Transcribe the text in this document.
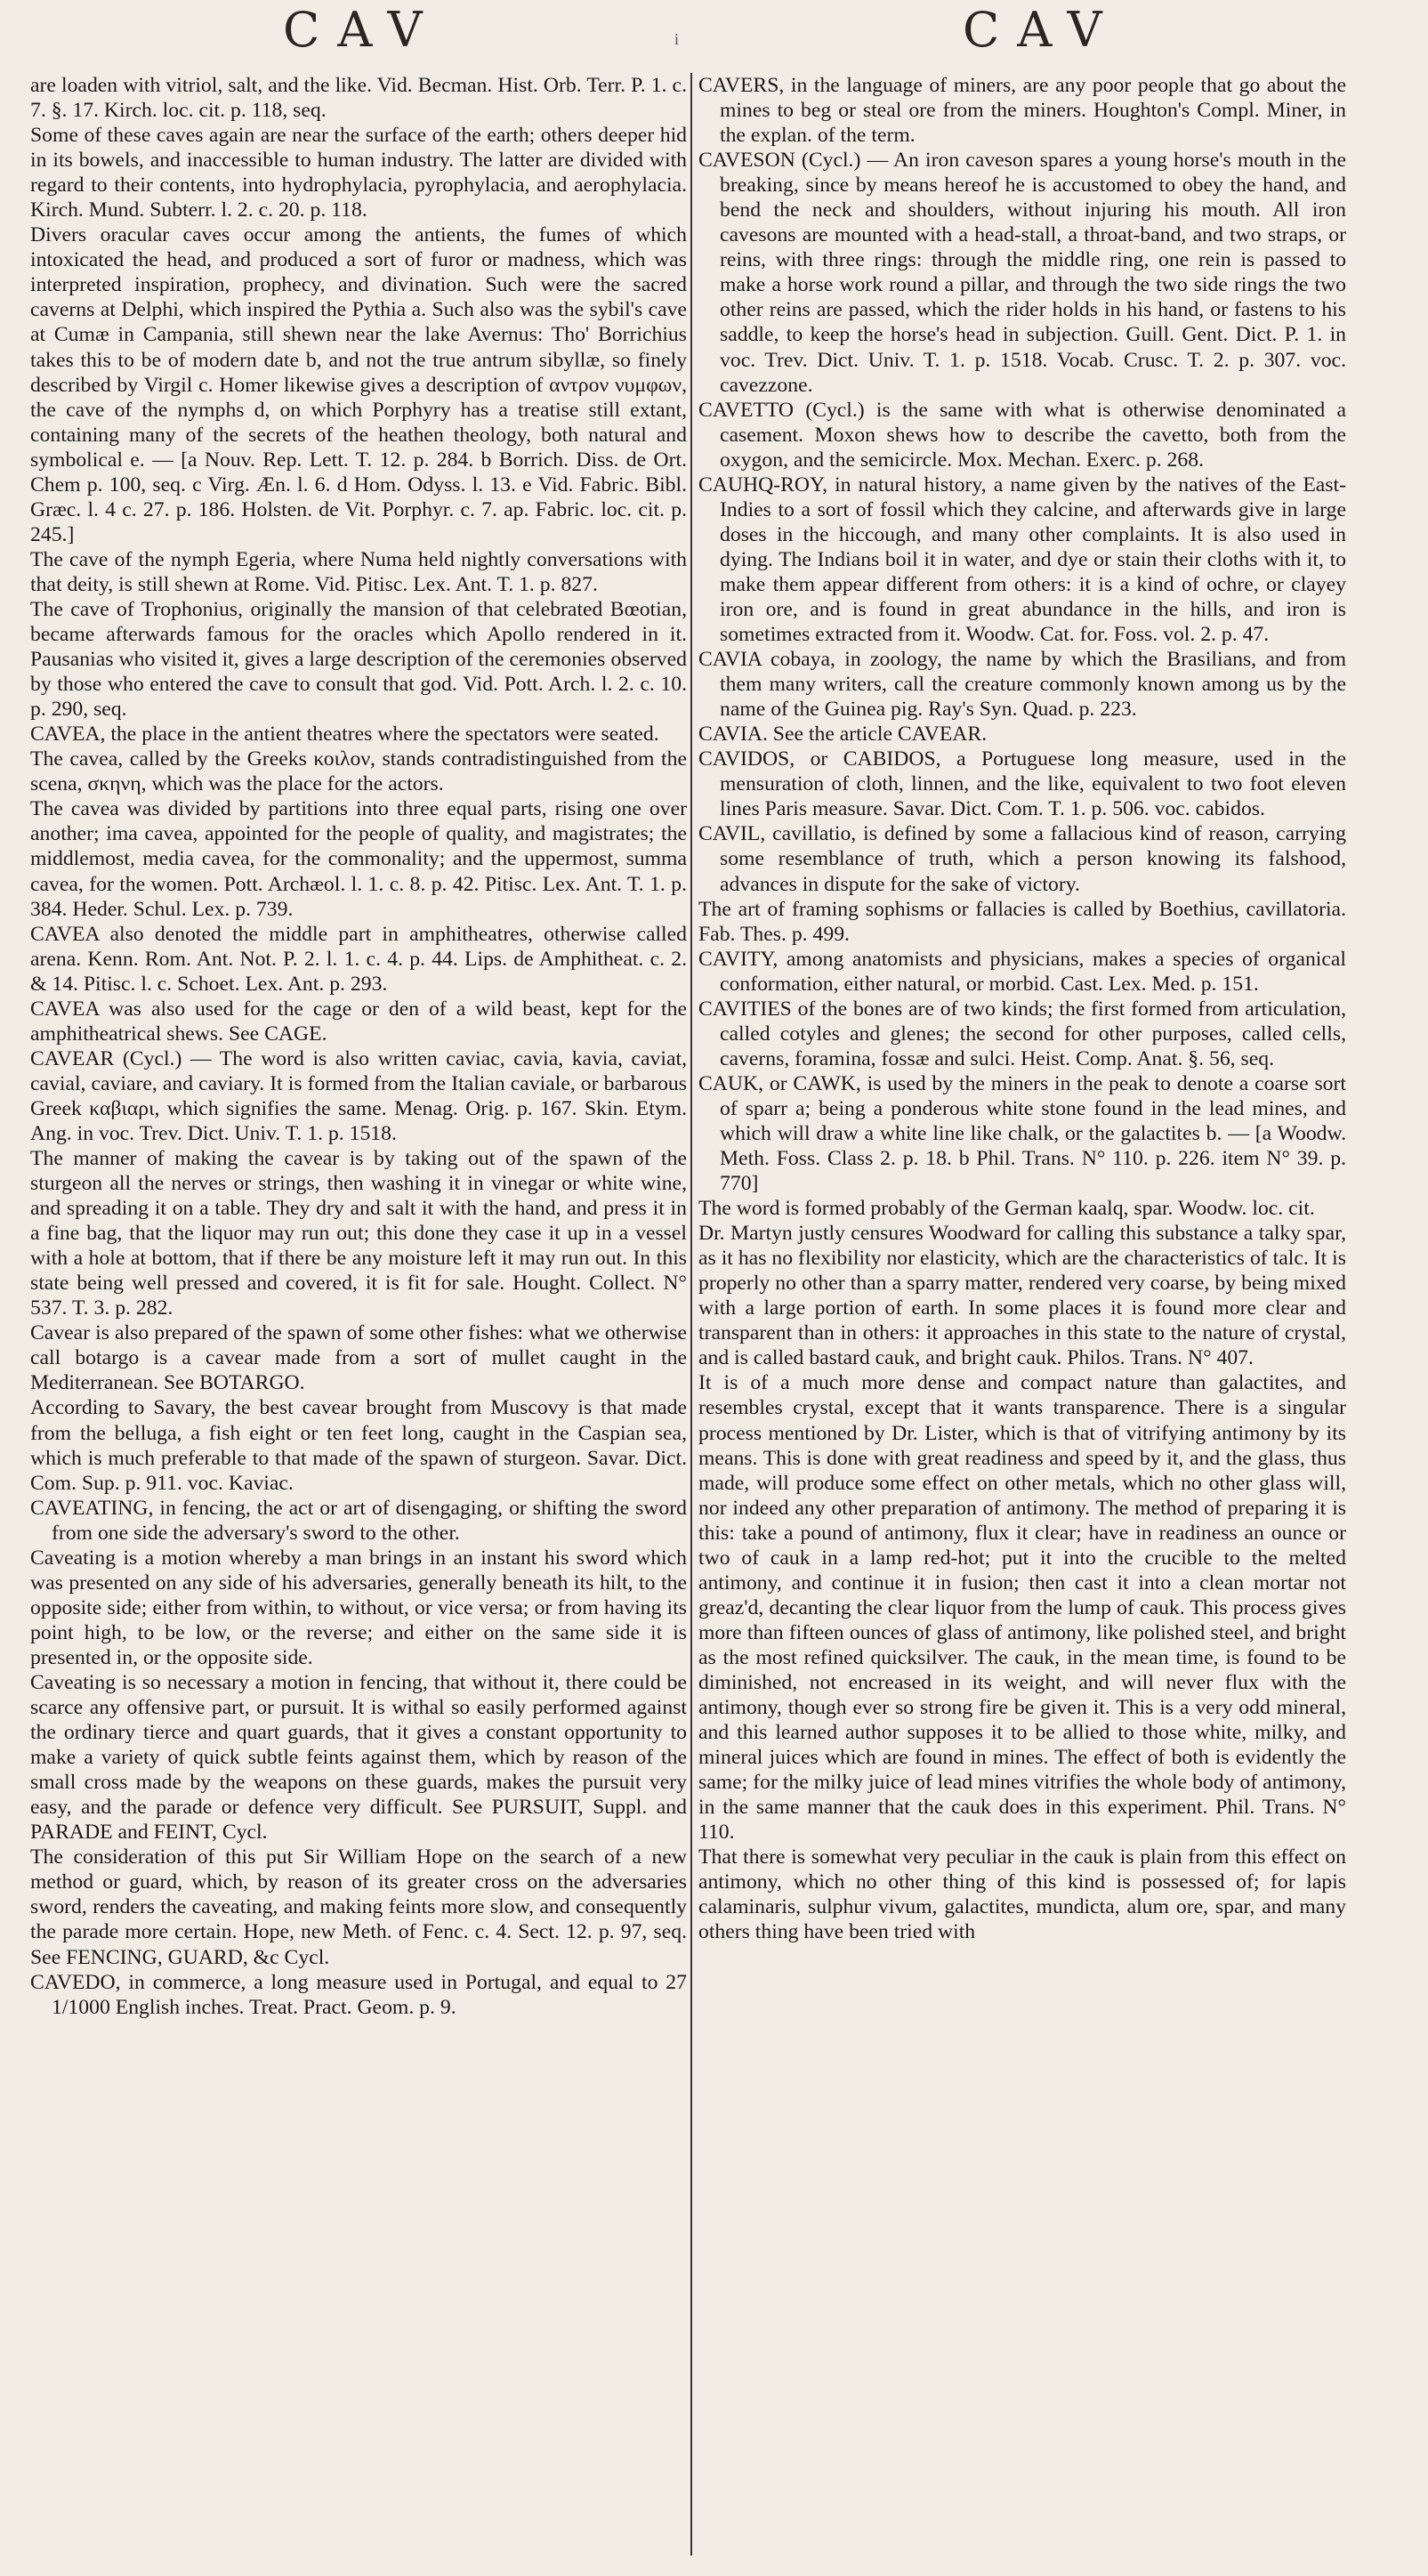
CAV	i	CAV

are loaden with vitriol, salt, and the like. Vid. Becman. Hist. Orb. Terr. P. 1. c. 7. §. 17. Kirch. loc. cit. p. 118, seq.

Some of these caves again are near the surface of the earth; others deeper hid in its bowels, and inaccessible to human industry. The latter are divided with regard to their contents, into hydrophylacia, pyrophylacia, and aerophylacia. Kirch. Mund. Subterr. l. 2. c. 20. p. 118.

Divers oracular caves occur among the antients, the fumes of which intoxicated the head, and produced a sort of furor or madness, which was interpreted inspiration, prophecy, and divination. Such were the sacred caverns at Delphi, which inspired the Pythia a. Such also was the sybil's cave at Cumæ in Campania, still shewn near the lake Avernus: Tho' Borrichius takes this to be of modern date b, and not the true antrum sibyllæ, so finely described by Virgil c. Homer likewise gives a description of αντρον νυμφων, the cave of the nymphs d, on which Porphyry has a treatise still extant, containing many of the secrets of the heathen theology, both natural and symbolical e. — [a Nouv. Rep. Lett. T. 12. p. 284. b Borrich. Diss. de Ort. Chem p. 100, seq. c Virg. Æn. l. 6. d Hom. Odyss. l. 13. e Vid. Fabric. Bibl. Græc. l. 4 c. 27. p. 186. Holsten. de Vit. Porphyr. c. 7. ap. Fabric. loc. cit. p. 245.]

The cave of the nymph Egeria, where Numa held nightly conversations with that deity, is still shewn at Rome. Vid. Pitisc. Lex. Ant. T. 1. p. 827.

The cave of Trophonius, originally the mansion of that celebrated Bœotian, became afterwards famous for the oracles which Apollo rendered in it. Pausanias who visited it, gives a large description of the ceremonies observed by those who entered the cave to consult that god. Vid. Pott. Arch. l. 2. c. 10. p. 290, seq.

CAVEA, the place in the antient theatres where the spectators were seated.

The cavea, called by the Greeks κοιλον, stands contradistinguished from the scena, σκηνη, which was the place for the actors.

The cavea was divided by partitions into three equal parts, rising one over another; ima cavea, appointed for the people of quality, and magistrates; the middlemost, media cavea, for the commonality; and the uppermost, summa cavea, for the women. Pott. Archæol. l. 1. c. 8. p. 42. Pitisc. Lex. Ant. T. 1. p. 384. Heder. Schul. Lex. p. 739.

CAVEA also denoted the middle part in amphitheatres, otherwise called arena. Kenn. Rom. Ant. Not. P. 2. l. 1. c. 4. p. 44. Lips. de Amphitheat. c. 2. & 14. Pitisc. l. c. Schoet. Lex. Ant. p. 293.

CAVEA was also used for the cage or den of a wild beast, kept for the amphitheatrical shews. See CAGE.

CAVEAR (Cycl.) — The word is also written caviac, cavia, kavia, caviat, cavial, caviare, and caviary. It is formed from the Italian caviale, or barbarous Greek καβιαρι, which signifies the same. Menag. Orig. p. 167. Skin. Etym. Ang. in voc. Trev. Dict. Univ. T. 1. p. 1518.

The manner of making the cavear is by taking out of the spawn of the sturgeon all the nerves or strings, then washing it in vinegar or white wine, and spreading it on a table. They dry and salt it with the hand, and press it in a fine bag, that the liquor may run out; this done they case it up in a vessel with a hole at bottom, that if there be any moisture left it may run out. In this state being well pressed and covered, it is fit for sale. Hought. Collect. N° 537. T. 3. p. 282.

Cavear is also prepared of the spawn of some other fishes: what we otherwise call botargo is a cavear made from a sort of mullet caught in the Mediterranean. See BOTARGO.

According to Savary, the best cavear brought from Muscovy is that made from the belluga, a fish eight or ten feet long, caught in the Caspian sea, which is much preferable to that made of the spawn of sturgeon. Savar. Dict. Com. Sup. p. 911. voc. Kaviac.

CAVEATING, in fencing, the act or art of disengaging, or shifting the sword from one side the adversary's sword to the other.

Caveating is a motion whereby a man brings in an instant his sword which was presented on any side of his adversaries, generally beneath its hilt, to the opposite side; either from within, to without, or vice versa; or from having its point high, to be low, or the reverse; and either on the same side it is presented in, or the opposite side.

Caveating is so necessary a motion in fencing, that without it, there could be scarce any offensive part, or pursuit. It is withal so easily performed against the ordinary tierce and quart guards, that it gives a constant opportunity to make a variety of quick subtle feints against them, which by reason of the small cross made by the weapons on these guards, makes the pursuit very easy, and the parade or defence very difficult. See PURSUIT, Suppl. and PARADE and FEINT, Cycl.

The consideration of this put Sir William Hope on the search of a new method or guard, which, by reason of its greater cross on the adversaries sword, renders the caveating, and making feints more slow, and consequently the parade more certain. Hope, new Meth. of Fenc. c. 4. Sect. 12. p. 97, seq. See FENCING, GUARD, &c Cycl.

CAVEDO, in commerce, a long measure used in Portugal, and equal to 27 1/1000 English inches. Treat. Pract. Geom. p. 9.

CAVERS, in the language of miners, are any poor people that go about the mines to beg or steal ore from the miners. Houghton's Compl. Miner, in the explan. of the term.

CAVESON (Cycl.) — An iron caveson spares a young horse's mouth in the breaking, since by means hereof he is accustomed to obey the hand, and bend the neck and shoulders, without injuring his mouth. All iron cavesons are mounted with a head-stall, a throat-band, and two straps, or reins, with three rings: through the middle ring, one rein is passed to make a horse work round a pillar, and through the two side rings the two other reins are passed, which the rider holds in his hand, or fastens to his saddle, to keep the horse's head in subjection. Guill. Gent. Dict. P. 1. in voc. Trev. Dict. Univ. T. 1. p. 1518. Vocab. Crusc. T. 2. p. 307. voc. cavezzone.

CAVETTO (Cycl.) is the same with what is otherwise denominated a casement. Moxon shews how to describe the cavetto, both from the oxygon, and the semicircle. Mox. Mechan. Exerc. p. 268.

CAUHQ-ROY, in natural history, a name given by the natives of the East-Indies to a sort of fossil which they calcine, and afterwards give in large doses in the hiccough, and many other complaints. It is also used in dying. The Indians boil it in water, and dye or stain their cloths with it, to make them appear different from others: it is a kind of ochre, or clayey iron ore, and is found in great abundance in the hills, and iron is sometimes extracted from it. Woodw. Cat. for. Foss. vol. 2. p. 47.

CAVIA cobaya, in zoology, the name by which the Brasilians, and from them many writers, call the creature commonly known among us by the name of the Guinea pig. Ray's Syn. Quad. p. 223.

CAVIA. See the article CAVEAR.

CAVIDOS, or CABIDOS, a Portuguese long measure, used in the mensuration of cloth, linnen, and the like, equivalent to two foot eleven lines Paris measure. Savar. Dict. Com. T. 1. p. 506. voc. cabidos.

CAVIL, cavillatio, is defined by some a fallacious kind of reason, carrying some resemblance of truth, which a person knowing its falshood, advances in dispute for the sake of victory.

The art of framing sophisms or fallacies is called by Boethius, cavillatoria. Fab. Thes. p. 499.

CAVITY, among anatomists and physicians, makes a species of organical conformation, either natural, or morbid. Cast. Lex. Med. p. 151.

CAVITIES of the bones are of two kinds; the first formed from articulation, called cotyles and glenes; the second for other purposes, called cells, caverns, foramina, fossæ and sulci. Heist. Comp. Anat. §. 56, seq.

CAUK, or CAWK, is used by the miners in the peak to denote a coarse sort of sparr a; being a ponderous white stone found in the lead mines, and which will draw a white line like chalk, or the galactites b. — [a Woodw. Meth. Foss. Class 2. p. 18. b Phil. Trans. N° 110. p. 226. item N° 39. p. 770]

The word is formed probably of the German kaalq, spar. Woodw. loc. cit.

Dr. Martyn justly censures Woodward for calling this substance a talky spar, as it has no flexibility nor elasticity, which are the characteristics of talc. It is properly no other than a sparry matter, rendered very coarse, by being mixed with a large portion of earth. In some places it is found more clear and transparent than in others: it approaches in this state to the nature of crystal, and is called bastard cauk, and bright cauk. Philos. Trans. N° 407.

It is of a much more dense and compact nature than galactites, and resembles crystal, except that it wants transparence. There is a singular process mentioned by Dr. Lister, which is that of vitrifying antimony by its means. This is done with great readiness and speed by it, and the glass, thus made, will produce some effect on other metals, which no other glass will, nor indeed any other preparation of antimony. The method of preparing it is this: take a pound of antimony, flux it clear; have in readiness an ounce or two of cauk in a lamp red-hot; put it into the crucible to the melted antimony, and continue it in fusion; then cast it into a clean mortar not greaz'd, decanting the clear liquor from the lump of cauk. This process gives more than fifteen ounces of glass of antimony, like polished steel, and bright as the most refined quicksilver. The cauk, in the mean time, is found to be diminished, not encreased in its weight, and will never flux with the antimony, though ever so strong fire be given it. This is a very odd mineral, and this learned author supposes it to be allied to those white, milky, and mineral juices which are found in mines. The effect of both is evidently the same; for the milky juice of lead mines vitrifies the whole body of antimony, in the same manner that the cauk does in this experiment. Phil. Trans. N° 110.

That there is somewhat very peculiar in the cauk is plain from this effect on antimony, which no other thing of this kind is possessed of; for lapis calaminaris, sulphur vivum, galactites, mundicta, alum ore, spar, and many others thing have been tried with
